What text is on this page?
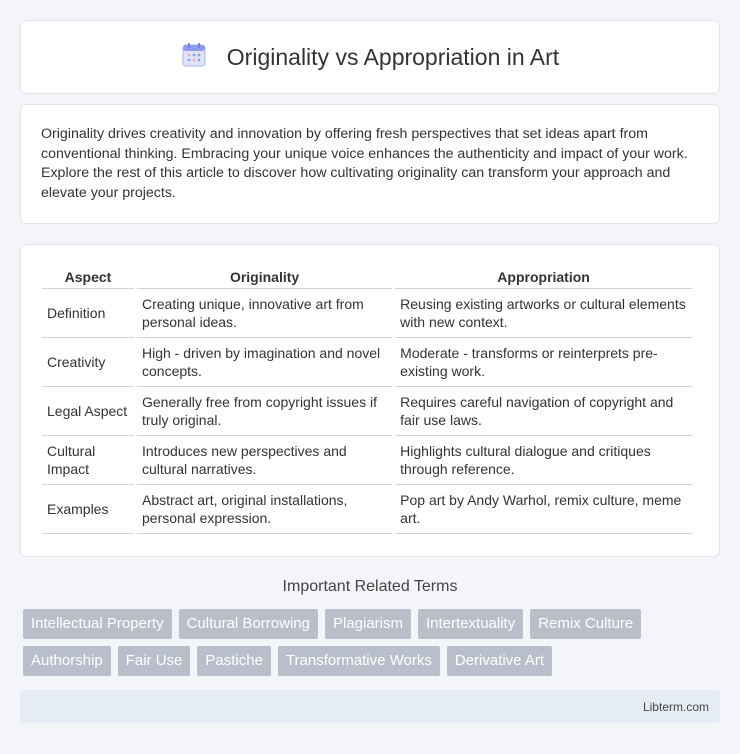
Originality vs Appropriation in Art

Originality drives creativity and innovation by offering fresh perspectives that set ideas apart from conventional thinking. Embracing your unique voice enhances the authenticity and impact of your work. Explore the rest of this article to discover how cultivating originality can transform your approach and elevate your projects.

Aspect	Originality	Appropriation
Definition	Creating unique, innovative art from personal ideas.	Reusing existing artworks or cultural elements with new context.
Creativity	High - driven by imagination and novel concepts.	Moderate - transforms or reinterprets pre-existing work.
Legal Aspect	Generally free from copyright issues if truly original.	Requires careful navigation of copyright and fair use laws.
Cultural Impact	Introduces new perspectives and cultural narratives.	Highlights cultural dialogue and critiques through reference.
Examples	Abstract art, original installations, personal expression.	Pop art by Andy Warhol, remix culture, meme art.
Important Related Terms
Intellectual Property	Cultural Borrowing	Plagiarism	Intertextuality	Remix Culture
Authorship	Fair Use	Pastiche	Transformative Works	Derivative Art
Libterm.com
